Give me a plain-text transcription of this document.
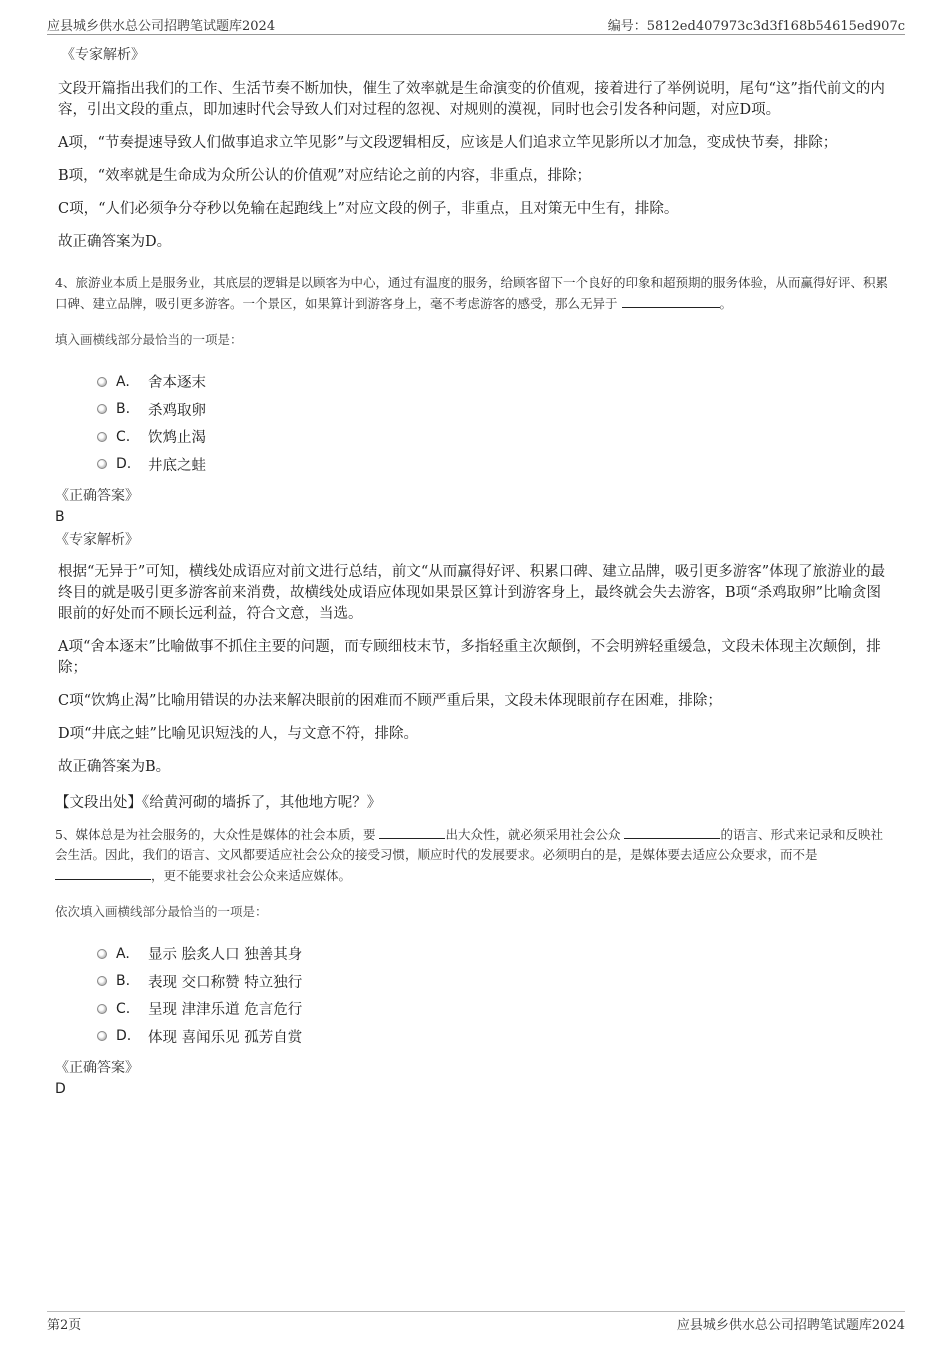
应县城乡供水总公司招聘笔试题库2024	编号：5812ed407973c3d3f168b54615ed907c
《专家解析》

文段开篇指出我们的工作、生活节奏不断加快，催生了效率就是生命演变的价值观，接着进行了举例说明，尾句“这”指代前文的内容，引出文段的重点，即加速时代会导致人们对过程的忽视、对规则的漠视，同时也会引发各种问题，对应D项。

A项，“节奏提速导致人们做事追求立竿见影”与文段逻辑相反，应该是人们追求立竿见影所以才加急，变成快节奏，排除；

B项，“效率就是生命成为众所公认的价值观”对应结论之前的内容，非重点，排除；

C项，“人们必须争分夺秒以免输在起跑线上”对应文段的例子，非重点，且对策无中生有，排除。

故正确答案为D。

4、旅游业本质上是服务业，其底层的逻辑是以顾客为中心，通过有温度的服务，给顾客留下一个良好的印象和超预期的服务体验，从而赢得好评、积累口碑、建立品牌，吸引更多游客。一个景区，如果算计到游客身上，毫不考虑游客的感受，那么无异于	。

填入画横线部分最恰当的一项是：

A.	舍本逐末
B.	杀鸡取卵
C.	饮鸩止渴
D.	井底之蛙
《正确答案》

B

《专家解析》

根据“无异于”可知，横线处成语应对前文进行总结，前文“从而赢得好评、积累口碑、建立品牌，吸引更多游客”体现了旅游业的最终目的就是吸引更多游客前来消费，故横线处成语应体现如果景区算计到游客身上，最终就会失去游客，B项“杀鸡取卵”比喻贪图眼前的好处而不顾长远利益，符合文意，当选。

A项“舍本逐末”比喻做事不抓住主要的问题，而专顾细枝末节，多指轻重主次颠倒，不会明辨轻重缓急，文段未体现主次颠倒，排除；

C项“饮鸩止渴”比喻用错误的办法来解决眼前的困难而不顾严重后果，文段未体现眼前存在困难，排除；

D项“井底之蛙”比喻见识短浅的人，与文意不符，排除。

故正确答案为B。

【文段出处】《给黄河砌的墙拆了，其他地方呢？》

5、媒体总是为社会服务的，大众性是媒体的社会本质，要	出大众性，就必须采用社会公众	的语言、形式来记录和反映社会生活。因此，我们的语言、文风都要适应社会公众的接受习惯，顺应时代的发展要求。必须明白的是，是媒体要去适应公众要求，而不是 ，更不能要求社会公众来适应媒体。

依次填入画横线部分最恰当的一项是：

A.	显示 脍炙人口 独善其身
B.	表现 交口称赞 特立独行
C.	呈现 津津乐道 危言危行
D.	体现 喜闻乐见 孤芳自赏
《正确答案》

D

第2页	应县城乡供水总公司招聘笔试题库2024
